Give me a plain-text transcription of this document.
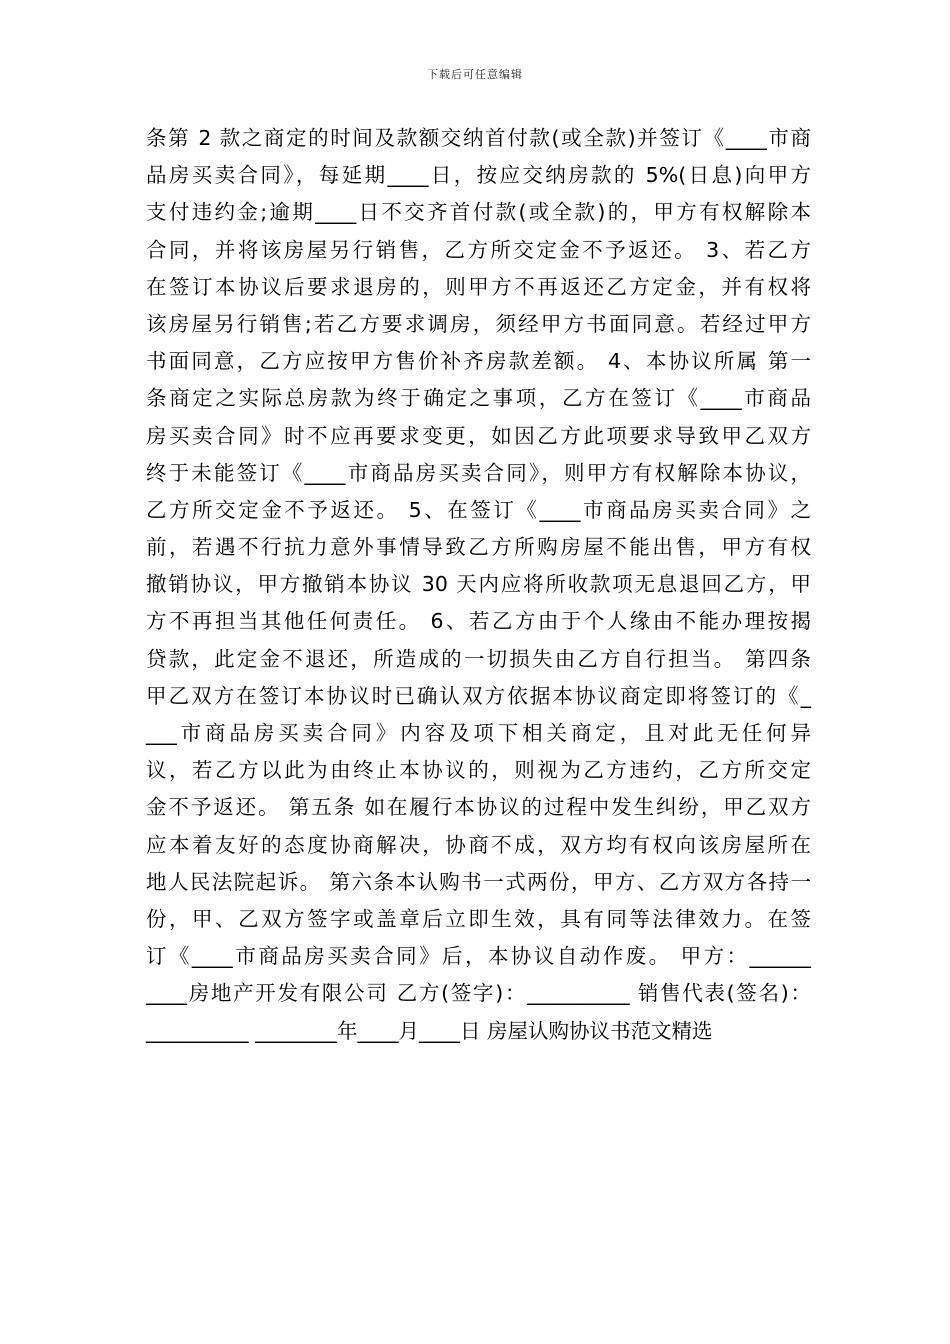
下载后可任意编辑
条第 2 款之商定的时间及款额交纳首付款(或全款)并签订《____市商
品房买卖合同》，每延期____日，按应交纳房款的 5%(日息)向甲方
支付违约金;逾期____日不交齐首付款(或全款)的，甲方有权解除本
合同，并将该房屋另行销售，乙方所交定金不予返还。 3、若乙方
在签订本协议后要求退房的，则甲方不再返还乙方定金，并有权将
该房屋另行销售;若乙方要求调房，须经甲方书面同意。若经过甲方
书面同意，乙方应按甲方售价补齐房款差额。 4、本协议所属 第一
条商定之实际总房款为终于确定之事项，乙方在签订《____市商品
房买卖合同》时不应再要求变更，如因乙方此项要求导致甲乙双方
终于未能签订《____市商品房买卖合同》，则甲方有权解除本协议，
乙方所交定金不予返还。 5、在签订《____市商品房买卖合同》之
前，若遇不行抗力意外事情导致乙方所购房屋不能出售，甲方有权
撤销协议，甲方撤销本协议 30 天内应将所收款项无息退回乙方，甲
方不再担当其他任何责任。 6、若乙方由于个人缘由不能办理按揭
贷款，此定金不退还，所造成的一切损失由乙方自行担当。 第四条
甲乙双方在签订本协议时已确认双方依据本协议商定即将签订的《_
___市商品房买卖合同》内容及项下相关商定，且对此无任何异
议，若乙方以此为由终止本协议的，则视为乙方违约，乙方所交定
金不予返还。 第五条 如在履行本协议的过程中发生纠纷，甲乙双方
应本着友好的态度协商解决，协商不成，双方均有权向该房屋所在
地人民法院起诉。 第六条本认购书一式两份，甲方、乙方双方各持一
份，甲、乙双方签字或盖章后立即生效，具有同等法律效力。在签
订《____市商品房买卖合同》后，本协议自动作废。 甲方：______
____房地产开发有限公司 乙方(签字)：__________ 销售代表(签名)：
__________ ________年____月____日 房屋认购协议书范文精选
